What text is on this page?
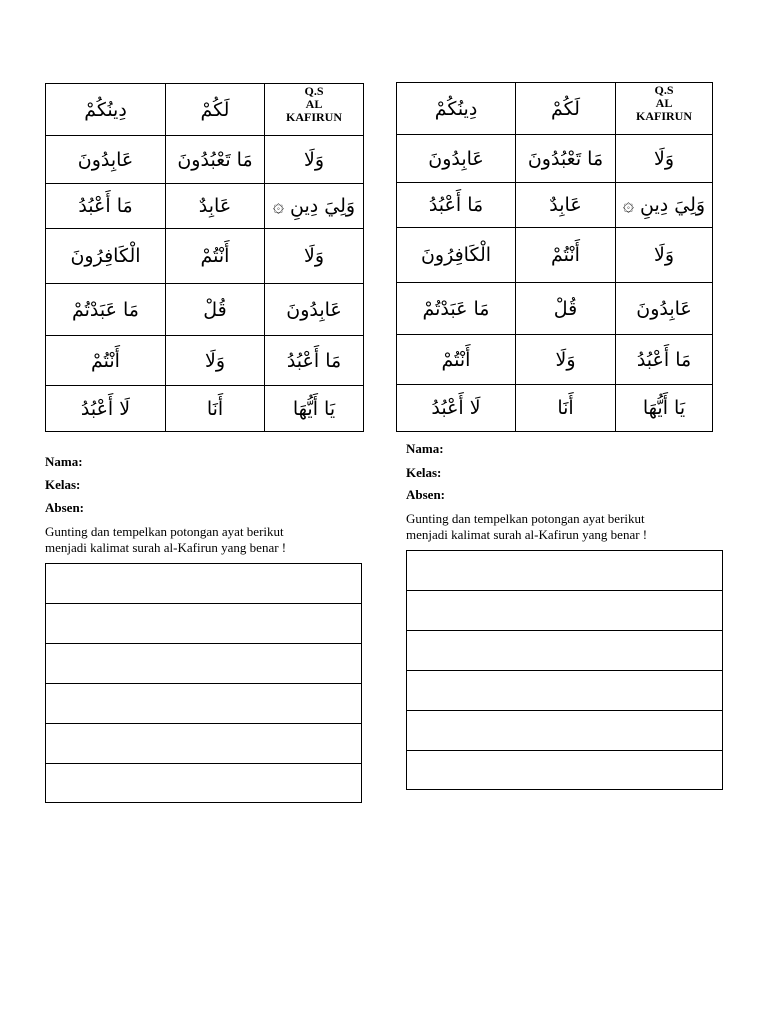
دِينُكُمْ	لَكُمْ	Q.S
AL
KAFIRUN

عَابِدُونَ	مَا تَعْبُدُونَ	وَلَا
مَا أَعْبُدُ	عَابِدٌ	وَلِيَ دِينِ ۞
الْكَافِرُونَ	أَنْتُمْ	وَلَا
مَا عَبَدْتُمْ	قُلْ	عَابِدُونَ
أَنْتُمْ	وَلَا	مَا أَعْبُدُ
لَا أَعْبُدُ	أَنَا	يَا أَيُّهَا
Nama:
Kelas:
Absen:
Gunting dan tempelkan potongan ayat berikut
menjadi kalimat surah al-Kafirun yang benar !

دِينُكُمْ	لَكُمْ	Q.S
AL
KAFIRUN

عَابِدُونَ	مَا تَعْبُدُونَ	وَلَا
مَا أَعْبُدُ	عَابِدٌ	وَلِيَ دِينِ ۞
الْكَافِرُونَ	أَنْتُمْ	وَلَا
مَا عَبَدْتُمْ	قُلْ	عَابِدُونَ
أَنْتُمْ	وَلَا	مَا أَعْبُدُ
لَا أَعْبُدُ	أَنَا	يَا أَيُّهَا
Nama:
Kelas:
Absen:
Gunting dan tempelkan potongan ayat berikut
menjadi kalimat surah al-Kafirun yang benar !
